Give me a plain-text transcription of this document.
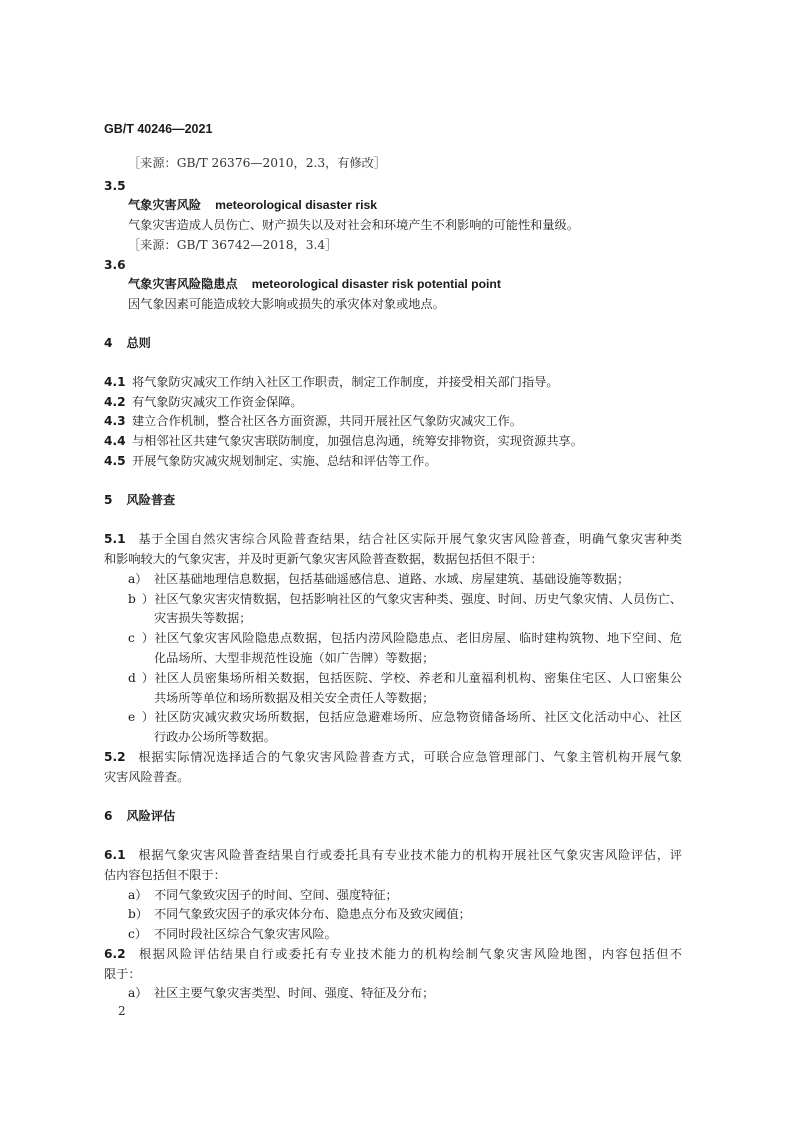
GB/T 40246—2021
［来源：GB/T 26376—2010，2.3，有修改］
3.5
气象灾害风险 meteorological disaster risk
气象灾害造成人员伤亡、财产损失以及对社会和环境产生不利影响的可能性和量级。
［来源：GB/T 36742—2018，3.4］
3.6
气象灾害风险隐患点 meteorological disaster risk potential point
因气象因素可能造成较大影响或损失的承灾体对象或地点。
4 总则
4.1 将气象防灾减灾工作纳入社区工作职责，制定工作制度，并接受相关部门指导。
4.2 有气象防灾减灾工作资金保障。
4.3 建立合作机制，整合社区各方面资源，共同开展社区气象防灾减灾工作。
4.4 与相邻社区共建气象灾害联防制度，加强信息沟通，统筹安排物资，实现资源共享。
4.5 开展气象防灾减灾规划制定、实施、总结和评估等工作。
5 风险普查
5.1 基于全国自然灾害综合风险普查结果，结合社区实际开展气象灾害风险普查，明确气象灾害种类
和影响较大的气象灾害，并及时更新气象灾害风险普查数据，数据包括但不限于：
a） 社区基础地理信息数据，包括基础遥感信息、道路、水域、房屋建筑、基础设施等数据；
b）社区气象灾害灾情数据，包括影响社区的气象灾害种类、强度、时间、历史气象灾情、人员伤亡、
灾害损失等数据；
c）社区气象灾害风险隐患点数据，包括内涝风险隐患点、老旧房屋、临时建构筑物、地下空间、危
化品场所、大型非规范性设施（如广告牌）等数据；
d）社区人员密集场所相关数据，包括医院、学校、养老和儿童福利机构、密集住宅区、人口密集公
共场所等单位和场所数据及相关安全责任人等数据；
e）社区防灾减灾救灾场所数据，包括应急避难场所、应急物资储备场所、社区文化活动中心、社区
行政办公场所等数据。
5.2 根据实际情况选择适合的气象灾害风险普查方式，可联合应急管理部门、气象主管机构开展气象
灾害风险普查。
6 风险评估
6.1 根据气象灾害风险普查结果自行或委托具有专业技术能力的机构开展社区气象灾害风险评估，评
估内容包括但不限于：
a） 不同气象致灾因子的时间、空间、强度特征；
b） 不同气象致灾因子的承灾体分布、隐患点分布及致灾阈值；
c） 不同时段社区综合气象灾害风险。
6.2 根据风险评估结果自行或委托有专业技术能力的机构绘制气象灾害风险地图，内容包括但不
限于：
a） 社区主要气象灾害类型、时间、强度、特征及分布；
2
